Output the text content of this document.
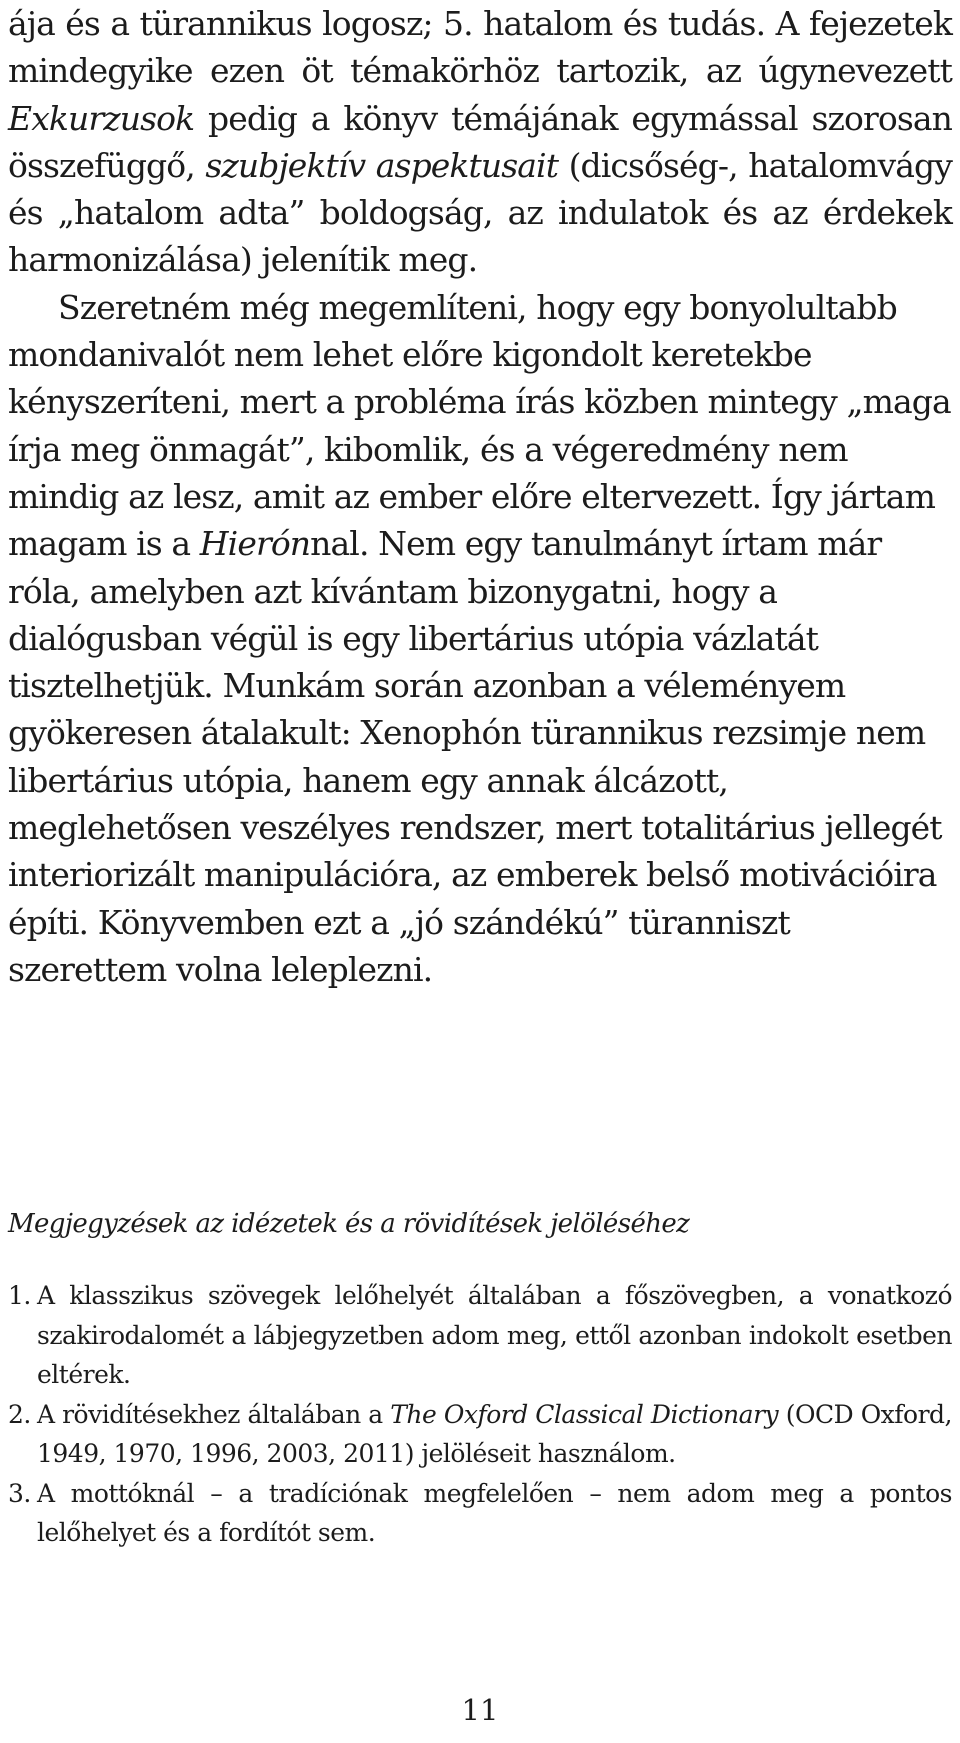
ája és a türannikus logosz; 5. hatalom és tudás. A fejezetek mindegyike ezen öt témakörhöz tartozik, az úgynevezett Exkurzusok pedig a könyv témájának egymással szorosan összefüggő, szubjektív aspektusait (dicsőség-, hatalomvágy és „hatalom adta” boldogság, az indulatok és az érdekek harmonizálása) jelenítik meg.

Szeretném még megemlíteni, hogy egy bonyolultabb mondanivalót nem lehet előre kigondolt keretekbe kényszeríteni, mert a probléma írás közben mintegy „maga írja meg önmagát”, kibomlik, és a végeredmény nem mindig az lesz, amit az ember előre eltervezett. Így jártam magam is a Hierónnal. Nem egy tanulmányt írtam már róla, amelyben azt kívántam bizonygatni, hogy a dialógusban végül is egy libertárius utópia vázlatát tisztelhetjük. Munkám során azonban a véleményem gyökeresen átalakult: Xenophón türannikus rezsimje nem libertárius utópia, hanem egy annak álcázott, meglehetősen veszélyes rendszer, mert totalitárius jellegét interiorizált manipulációra, az emberek belső motivációira építi. Könyvemben ezt a „jó szándékú” türanniszt szerettem volna leleplezni.

Megjegyzések az idézetek és a rövidítések jelöléséhez

1. A klasszikus szövegek lelőhelyét általában a főszövegben, a vonatkozó szakirodalomét a lábjegyzetben adom meg, ettől azonban indokolt esetben eltérek.
2. A rövidítésekhez általában a The Oxford Classical Dictionary (OCD Oxford, 1949, 1970, 1996, 2003, 2011) jelöléseit használom.
3. A mottóknál – a tradíciónak megfelelően – nem adom meg a pontos lelőhelyet és a fordítót sem.
11
